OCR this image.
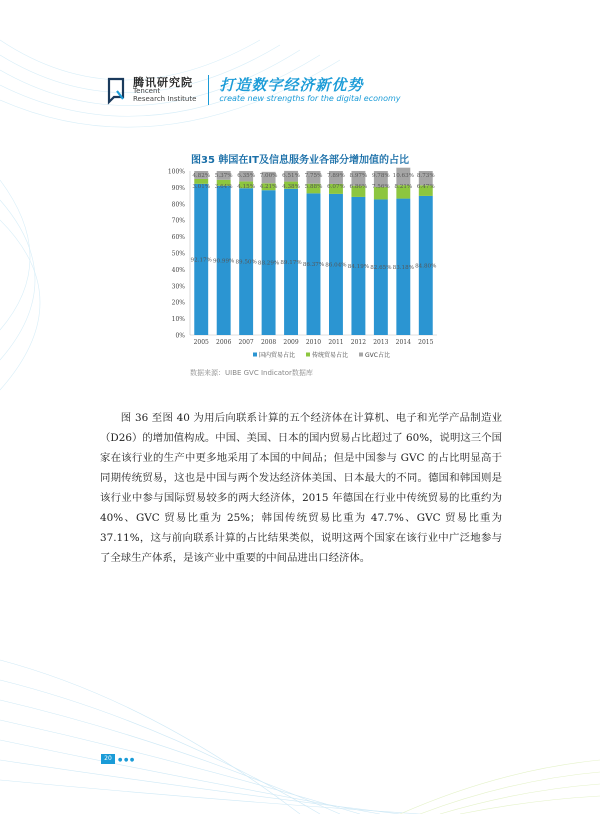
腾讯研究院
Tencent
Research Institute
打造数字经济新优势
create new strengths for the digital economy
图35 韩国在IT及信息服务业各部分增加值的占比
0%
10%
20%
30%
40%
50%
60%
70%
80%
90%
100%
2005
92.17%
3.01%
4.82%
2006
90.99%
3.64%
5.37%
2007
89.50%
4.15%
6.35%
2008
88.29%
4.21%
7.00%
2009
89.17%
4.38%
6.51%
2010
86.37%
5.88%
7.75%
2011
86.04%
6.07%
7.89%
2012
84.19%
6.86%
8.97%
2013
82.65%
7.56%
9.78%
2014
83.18%
8.21%
10.63%
2015
84.80%
6.47%
8.73%
国内贸易占比	传统贸易占比	GVC占比
数据来源：UIBE GVC Indicator数据库
图 36 至图 40 为用后向联系计算的五个经济体在计算机、电子和光学产品制造业（D26）的增加值构成。中国、美国、日本的国内贸易占比超过了 60%，说明这三个国家在该行业的生产中更多地采用了本国的中间品；但是中国参与 GVC 的占比明显高于同期传统贸易，这也是中国与两个发达经济体美国、日本最大的不同。德国和韩国则是该行业中参与国际贸易较多的两大经济体，2015 年德国在行业中传统贸易的比重约为 40%、GVC 贸易比重为 25%；韩国传统贸易比重为 47.7%、GVC 贸易比重为 37.11%，这与前向联系计算的占比结果类似，说明这两个国家在该行业中广泛地参与了全球生产体系，是该产业中重要的中间品进出口经济体。
20	● ● ●
